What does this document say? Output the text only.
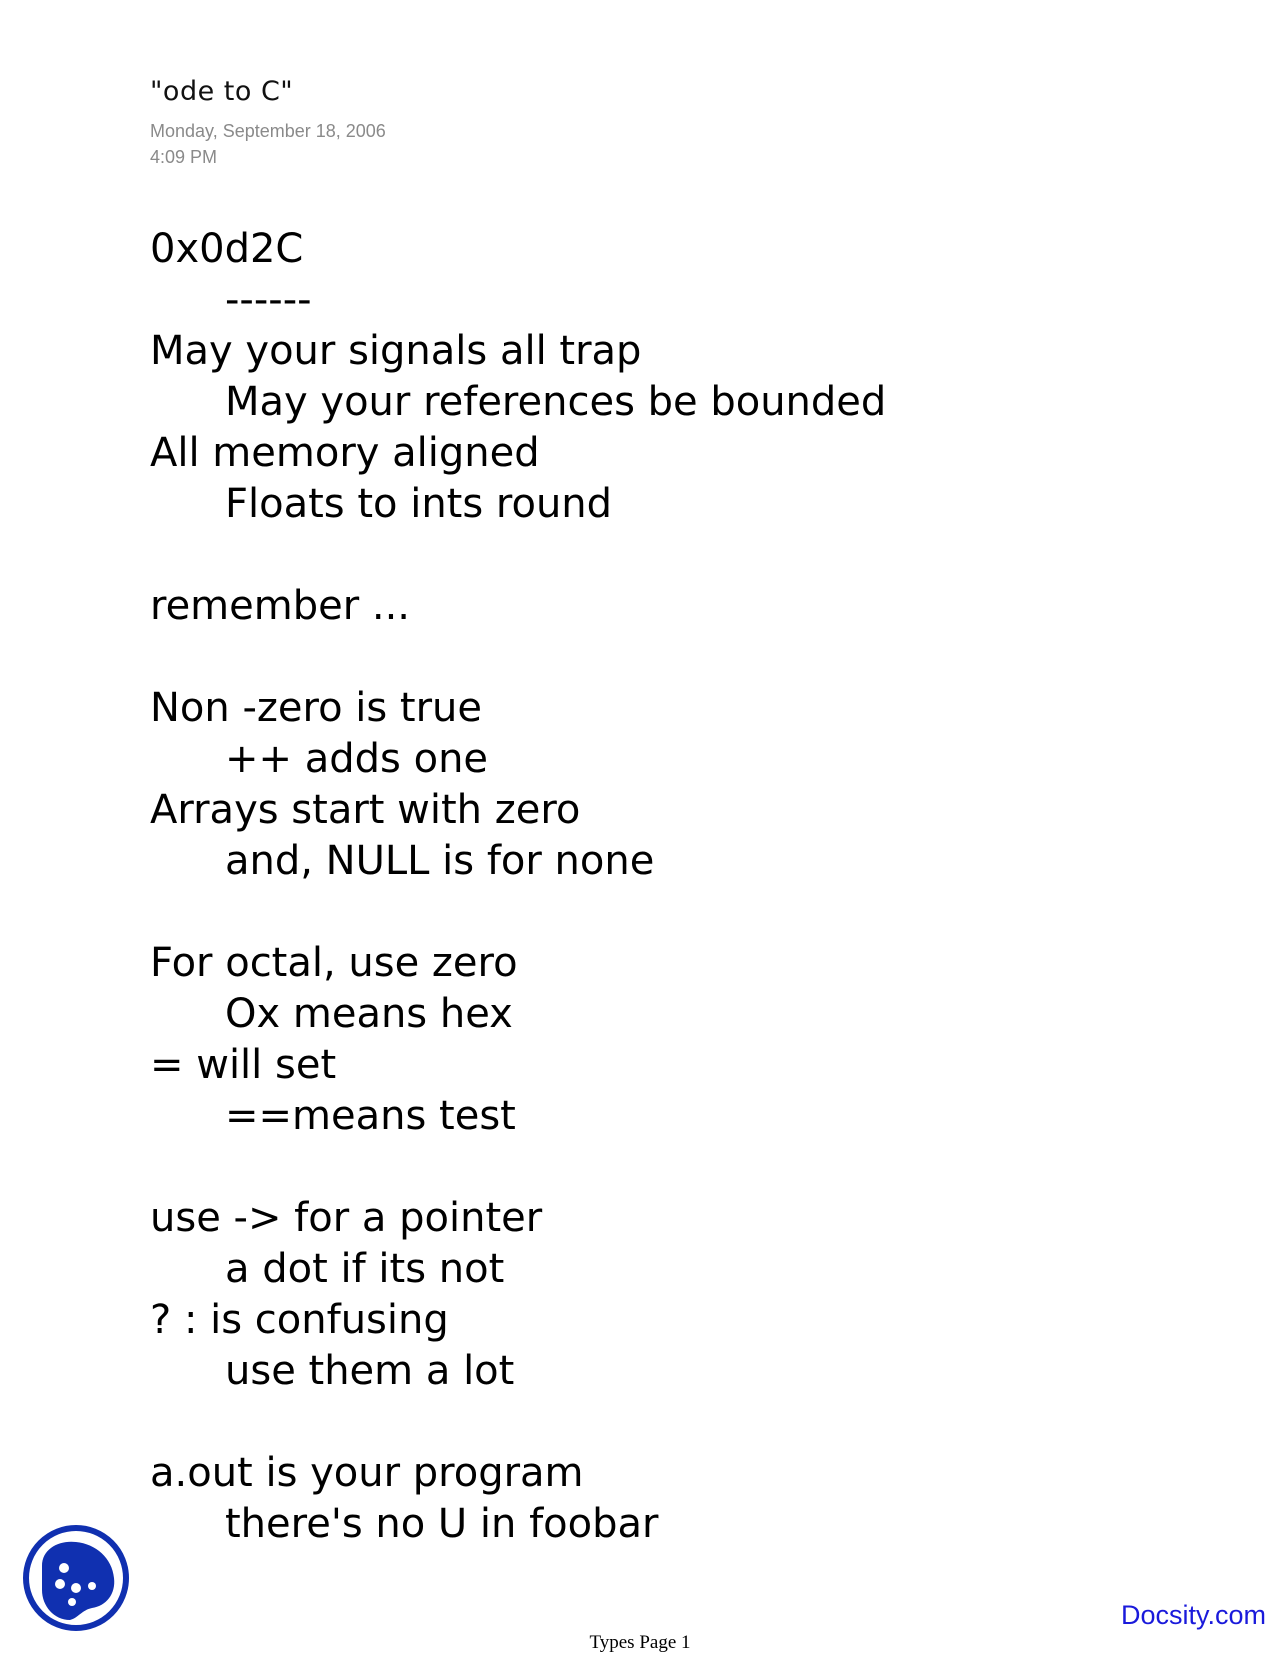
"ode to C"
Monday, September 18, 2006
4:09 PM
0x0d2C
------
May your signals all trap
May your references be bounded
All memory aligned
Floats to ints round
remember ...
Non -zero is true
++ adds one
Arrays start with zero
and, NULL is for none
For octal, use zero
Ox means hex
= will set
==means test
use -> for a pointer
a dot if its not
? : is confusing
use them a lot
a.out is your program
there's no U in foobar
Docsity.com
Types Page 1
